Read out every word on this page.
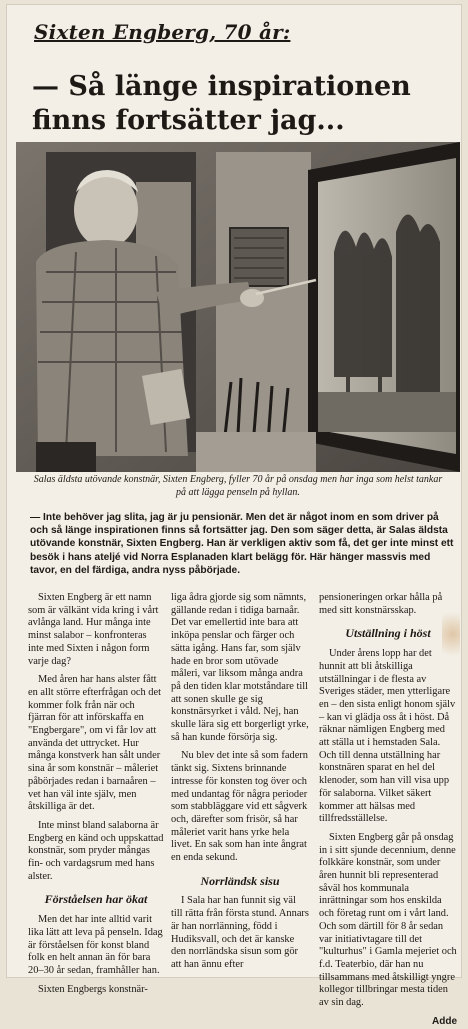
Sixten Engberg, 70 år:
— Så länge inspirationen finns fortsätter jag...
Salas äldsta utövande konstnär, Sixten Engberg, fyller 70 år på onsdag men har inga som helst tankar på att lägga penseln på hyllan.
— Inte behöver jag slita, jag är ju pensionär. Men det är något inom en som driver på och så länge inspirationen finns så fortsätter jag. Den som säger detta, är Salas äldsta utövande konstnär, Sixten Engberg. Han är verkligen aktiv som få, det ger inte minst ett besök i hans ateljé vid Norra Esplanaden klart belägg för. Här hänger massvis med tavor, en del färdiga, andra nyss påbörjade.

Sixten Engberg är ett namn som är välkänt vida kring i vårt avlånga land. Hur många inte minst salabor – konfronteras inte med Sixten i någon form varje dag?

Med åren har hans alster fått en allt större efterfrågan och det kommer folk från när och fjärran för att införskaffa en "Engbergare", om vi får lov att använda det uttrycket. Hur många konstverk han sålt under sina år som konstnär – måleriet påbörjades redan i barnaåren – vet han väl inte själv, men åtskilliga är det.

Inte minst bland salaborna är Engberg en känd och uppskattad konstnär, som pryder mångas fin- och vardagsrum med hans alster.

Förståelsen har ökat

Men det har inte alltid varit lika lätt att leva på penseln. Idag är förståelsen för konst bland folk en helt annan än för bara 20–30 år sedan, framhåller han.

Sixten Engbergs konstnär-

liga ådra gjorde sig som nämnts, gällande redan i tidiga barnaår. Det var emellertid inte bara att inköpa penslar och färger och sätta igång. Hans far, som själv hade en bror som utövade måleri, var liksom många andra på den tiden klar motståndare till att sonen skulle ge sig konstnärsyrket i våld. Nej, han skulle lära sig ett borgerligt yrke, så han kunde försörja sig.

Nu blev det inte så som fadern tänkt sig. Sixtens brinnande intresse för konsten tog över och med undantag för några perioder som stabbläggare vid ett sågverk och, därefter som frisör, så har måleriet varit hans yrke hela livet. En sak som han inte ångrat en enda sekund.

Norrländsk sisu

I Sala har han funnit sig väl till rätta från första stund. Annars är han norrlänning, född i Hudiksvall, och det är kanske den norrländska sisun som gör att han ännu efter

pensioneringen orkar hålla på med sitt konstnärsskap.

Utställning i höst

Under årens lopp har det hunnit att bli åtskilliga utställningar i de flesta av Sveriges städer, men ytterligare en – den sista enligt honom själv – kan vi glädja oss åt i höst. Då räknar nämligen Engberg med att ställa ut i hemstaden Sala. Och till denna utställning har konstnären sparat en hel del klenoder, som han vill visa upp för salaborna. Vilket säkert kommer att hälsas med tillfredsställelse.

Sixten Engberg går på onsdag in i sitt sjunde decennium, denne folkkäre konstnär, som under åren hunnit bli representerad såväl hos kommunala inrättningar som hos enskilda och företag runt om i vårt land. Och som därtill för 8 år sedan var initiativtagare till det "kulturhus" i Gamla mejeriet och f.d. Teaterbio, där han nu tillsammans med åtskilligt yngre kollegor tillbringar mesta tiden av sin dag.

Adde
